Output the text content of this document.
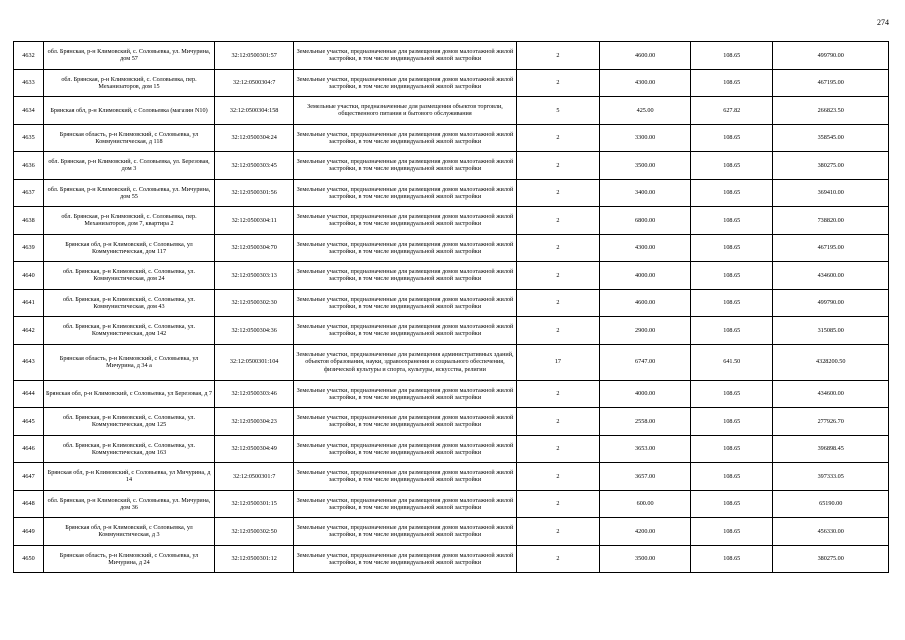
274
4632	обл. Брянская, р-н Климовский, с. Соловьевка, ул. Мичурина, дом 57	32:12:0500301:57	Земельные участки, предназначенные для размещения домов малоэтажной жилой застройки, в том числе индивидуальной жилой застройки	2	4600.00	108.65	499790.00
4633	обл. Брянская, р-н Климовский, с. Соловьевка, пер. Механизаторов, дом 15	32:12:0500304:7	Земельные участки, предназначенные для размещения домов малоэтажной жилой застройки, в том числе индивидуальной жилой застройки	2	4300.00	108.65	467195.00
4634	Брянская обл, р-н Климовский, с Соловьевка (магазин N10)	32:12:0500304:158	Земельные участки, предназначенные для размещения объектов торговли, общественного питания и бытового обслуживания	5	425.00	627.82	266823.50
4635	Брянская область, р-н Климовский, с Соловьевка, ул Коммунистическая, д 118	32:12:0500304:24	Земельные участки, предназначенные для размещения домов малоэтажной жилой застройки, в том числе индивидуальной жилой застройки	2	3300.00	108.65	358545.00
4636	обл. Брянская, р-н Климовский, с. Соловьевка, ул. Березовая, дом 3	32:12:0500303:45	Земельные участки, предназначенные для размещения домов малоэтажной жилой застройки, в том числе индивидуальной жилой застройки	2	3500.00	108.65	380275.00
4637	обл. Брянская, р-н Климовский, с. Соловьевка, ул. Мичурина, дом 55	32:12:0500301:56	Земельные участки, предназначенные для размещения домов малоэтажной жилой застройки, в том числе индивидуальной жилой застройки	2	3400.00	108.65	369410.00
4638	обл. Брянская, р-н Климовский, с. Соловьевка, пер. Механизаторов, дом 7, квартира 2	32:12:0500304:11	Земельные участки, предназначенные для размещения домов малоэтажной жилой застройки, в том числе индивидуальной жилой застройки	2	6800.00	108.65	738820.00
4639	Брянская обл, р-н Климовский, с Соловьевка, ул Коммунистическая, дом 117	32:12:0500304:70	Земельные участки, предназначенные для размещения домов малоэтажной жилой застройки, в том числе индивидуальной жилой застройки	2	4300.00	108.65	467195.00
4640	обл. Брянская, р-н Климовский, с. Соловьевка, ул. Коммунистическая, дом 24	32:12:0500303:13	Земельные участки, предназначенные для размещения домов малоэтажной жилой застройки, в том числе индивидуальной жилой застройки	2	4000.00	108.65	434600.00
4641	обл. Брянская, р-н Климовский, с. Соловьевка, ул. Коммунистическая, дом 43	32:12:0500302:30	Земельные участки, предназначенные для размещения домов малоэтажной жилой застройки, в том числе индивидуальной жилой застройки	2	4600.00	108.65	499790.00
4642	обл. Брянская, р-н Климовский, с. Соловьевка, ул. Коммунистическая, дом 142	32:12:0500304:36	Земельные участки, предназначенные для размещения домов малоэтажной жилой застройки, в том числе индивидуальной жилой застройки	2	2900.00	108.65	315085.00
4643	Брянская область, р-н Климовский, с Соловьевка, ул Мичурина, д 34 а	32:12:0500301:104	Земельные участки, предназначенные для размещения административных зданий, объектов образования, науки, здравоохранения и социального обеспечения, физической культуры и спорта, культуры, искусства, религии	17	6747.00	641.50	4328200.50
4644	Брянская обл, р-н Климовский, с Соловьевка, ул Березовая, д 7	32:12:0500303:46	Земельные участки, предназначенные для размещения домов малоэтажной жилой застройки, в том числе индивидуальной жилой застройки	2	4000.00	108.65	434600.00
4645	обл. Брянская, р-н Климовский, с. Соловьевка, ул. Коммунистическая, дом 125	32:12:0500304:23	Земельные участки, предназначенные для размещения домов малоэтажной жилой застройки, в том числе индивидуальной жилой застройки	2	2558.00	108.65	277926.70
4646	обл. Брянская, р-н Климовский, с. Соловьевка, ул. Коммунистическая, дом 163	32:12:0500304:49	Земельные участки, предназначенные для размещения домов малоэтажной жилой застройки, в том числе индивидуальной жилой застройки	2	3653.00	108.65	396898.45
4647	Брянская обл, р-н Климовский, с Соловьевка, ул Мичурина, д 14	32:12:0500301:7	Земельные участки, предназначенные для размещения домов малоэтажной жилой застройки, в том числе индивидуальной жилой застройки	2	3657.00	108.65	397333.05
4648	обл. Брянская, р-н Климовский, с. Соловьевка, ул. Мичурина, дом 36	32:12:0500301:15	Земельные участки, предназначенные для размещения домов малоэтажной жилой застройки, в том числе индивидуальной жилой застройки	2	600.00	108.65	65190.00
4649	Брянская обл, р-н Климовский, с Соловьевка, ул Коммунистическая, д 3	32:12:0500302:50	Земельные участки, предназначенные для размещения домов малоэтажной жилой застройки, в том числе индивидуальной жилой застройки	2	4200.00	108.65	456330.00
4650	Брянская область, р-н Климовский, с Соловьевка, ул Мичурина, д 24	32:12:0500301:12	Земельные участки, предназначенные для размещения домов малоэтажной жилой застройки, в том числе индивидуальной жилой застройки	2	3500.00	108.65	380275.00
